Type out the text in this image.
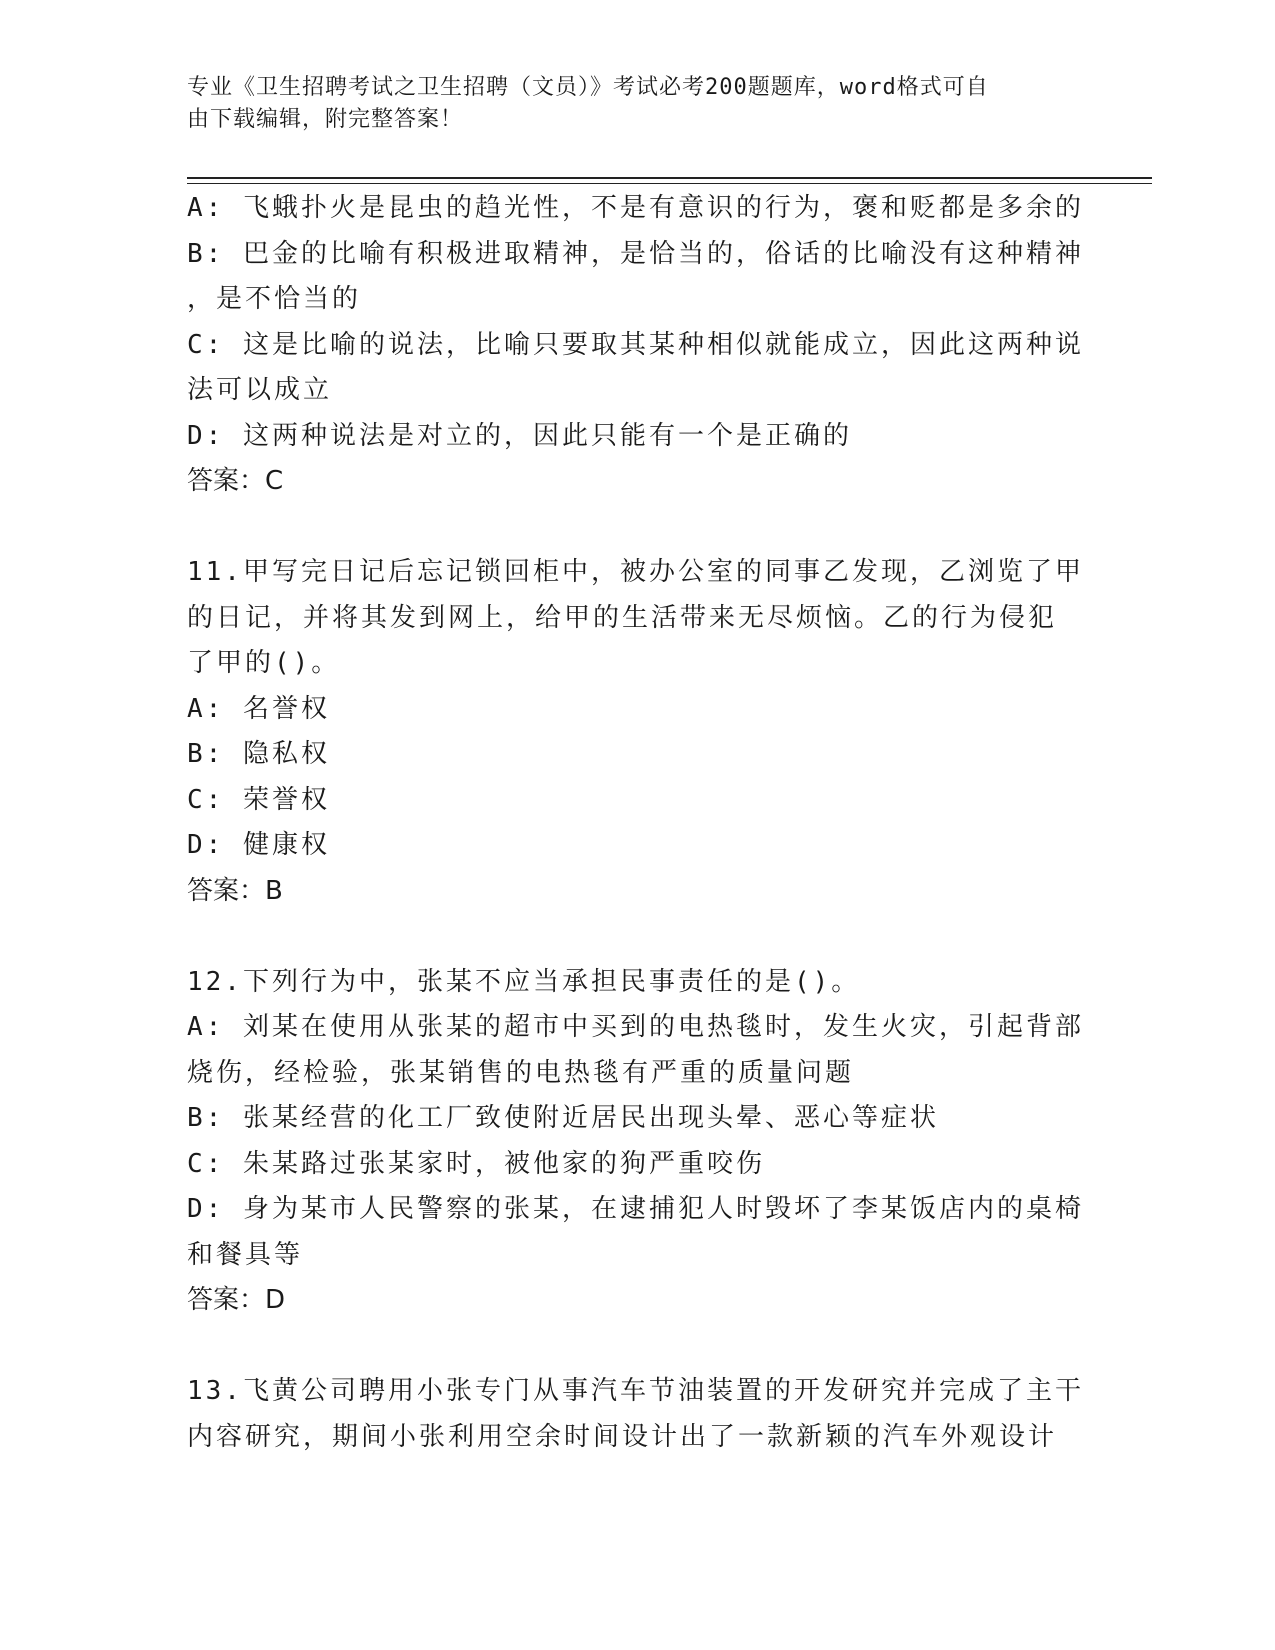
专业《卫生招聘考试之卫生招聘（文员）》考试必考200题题库，word格式可自
由下载编辑，附完整答案！
A: 飞蛾扑火是昆虫的趋光性，不是有意识的行为，褒和贬都是多余的
B: 巴金的比喻有积极进取精神，是恰当的，俗话的比喻没有这种精神
，是不恰当的
C: 这是比喻的说法，比喻只要取其某种相似就能成立，因此这两种说
法可以成立
D: 这两种说法是对立的，因此只能有一个是正确的
答案：C
11.甲写完日记后忘记锁回柜中，被办公室的同事乙发现，乙浏览了甲
的日记，并将其发到网上，给甲的生活带来无尽烦恼。乙的行为侵犯
了甲的()。
A: 名誉权
B: 隐私权
C: 荣誉权
D: 健康权
答案：B
12.下列行为中，张某不应当承担民事责任的是()。
A: 刘某在使用从张某的超市中买到的电热毯时，发生火灾，引起背部
烧伤，经检验，张某销售的电热毯有严重的质量问题
B: 张某经营的化工厂致使附近居民出现头晕、恶心等症状
C: 朱某路过张某家时，被他家的狗严重咬伤
D: 身为某市人民警察的张某，在逮捕犯人时毁坏了李某饭店内的桌椅
和餐具等
答案：D
13.飞黄公司聘用小张专门从事汽车节油装置的开发研究并完成了主干
内容研究，期间小张利用空余时间设计出了一款新颖的汽车外观设计
